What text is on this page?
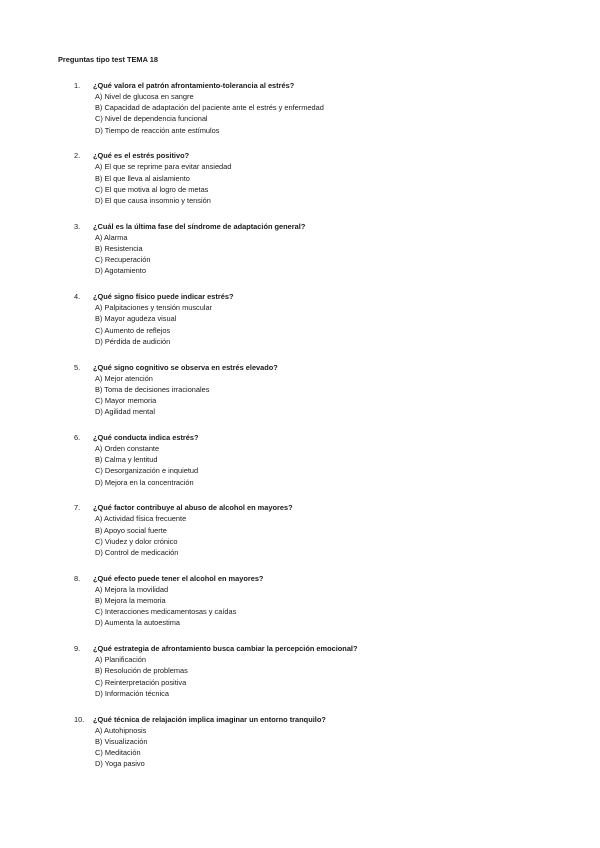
Preguntas tipo test TEMA 18
1.	¿Qué valora el patrón afrontamiento-tolerancia al estrés?
A) Nivel de glucosa en sangre
B) Capacidad de adaptación del paciente ante el estrés y enfermedad
C) Nivel de dependencia funcional
D) Tiempo de reacción ante estímulos
2.	¿Qué es el estrés positivo?
A) El que se reprime para evitar ansiedad
B) El que lleva al aislamiento
C) El que motiva al logro de metas
D) El que causa insomnio y tensión
3.	¿Cuál es la última fase del síndrome de adaptación general?
A) Alarma
B) Resistencia
C) Recuperación
D) Agotamiento
4.	¿Qué signo físico puede indicar estrés?
A) Palpitaciones y tensión muscular
B) Mayor agudeza visual
C) Aumento de reflejos
D) Pérdida de audición
5.	¿Qué signo cognitivo se observa en estrés elevado?
A) Mejor atención
B) Toma de decisiones irracionales
C) Mayor memoria
D) Agilidad mental
6.	¿Qué conducta indica estrés?
A) Orden constante
B) Calma y lentitud
C) Desorganización e inquietud
D) Mejora en la concentración
7.	¿Qué factor contribuye al abuso de alcohol en mayores?
A) Actividad física frecuente
B) Apoyo social fuerte
C) Viudez y dolor crónico
D) Control de medicación
8.	¿Qué efecto puede tener el alcohol en mayores?
A) Mejora la movilidad
B) Mejora la memoria
C) Interacciones medicamentosas y caídas
D) Aumenta la autoestima
9.	¿Qué estrategia de afrontamiento busca cambiar la percepción emocional?
A) Planificación
B) Resolución de problemas
C) Reinterpretación positiva
D) Información técnica
10.	¿Qué técnica de relajación implica imaginar un entorno tranquilo?
A) Autohipnosis
B) Visualización
C) Meditación
D) Yoga pasivo
